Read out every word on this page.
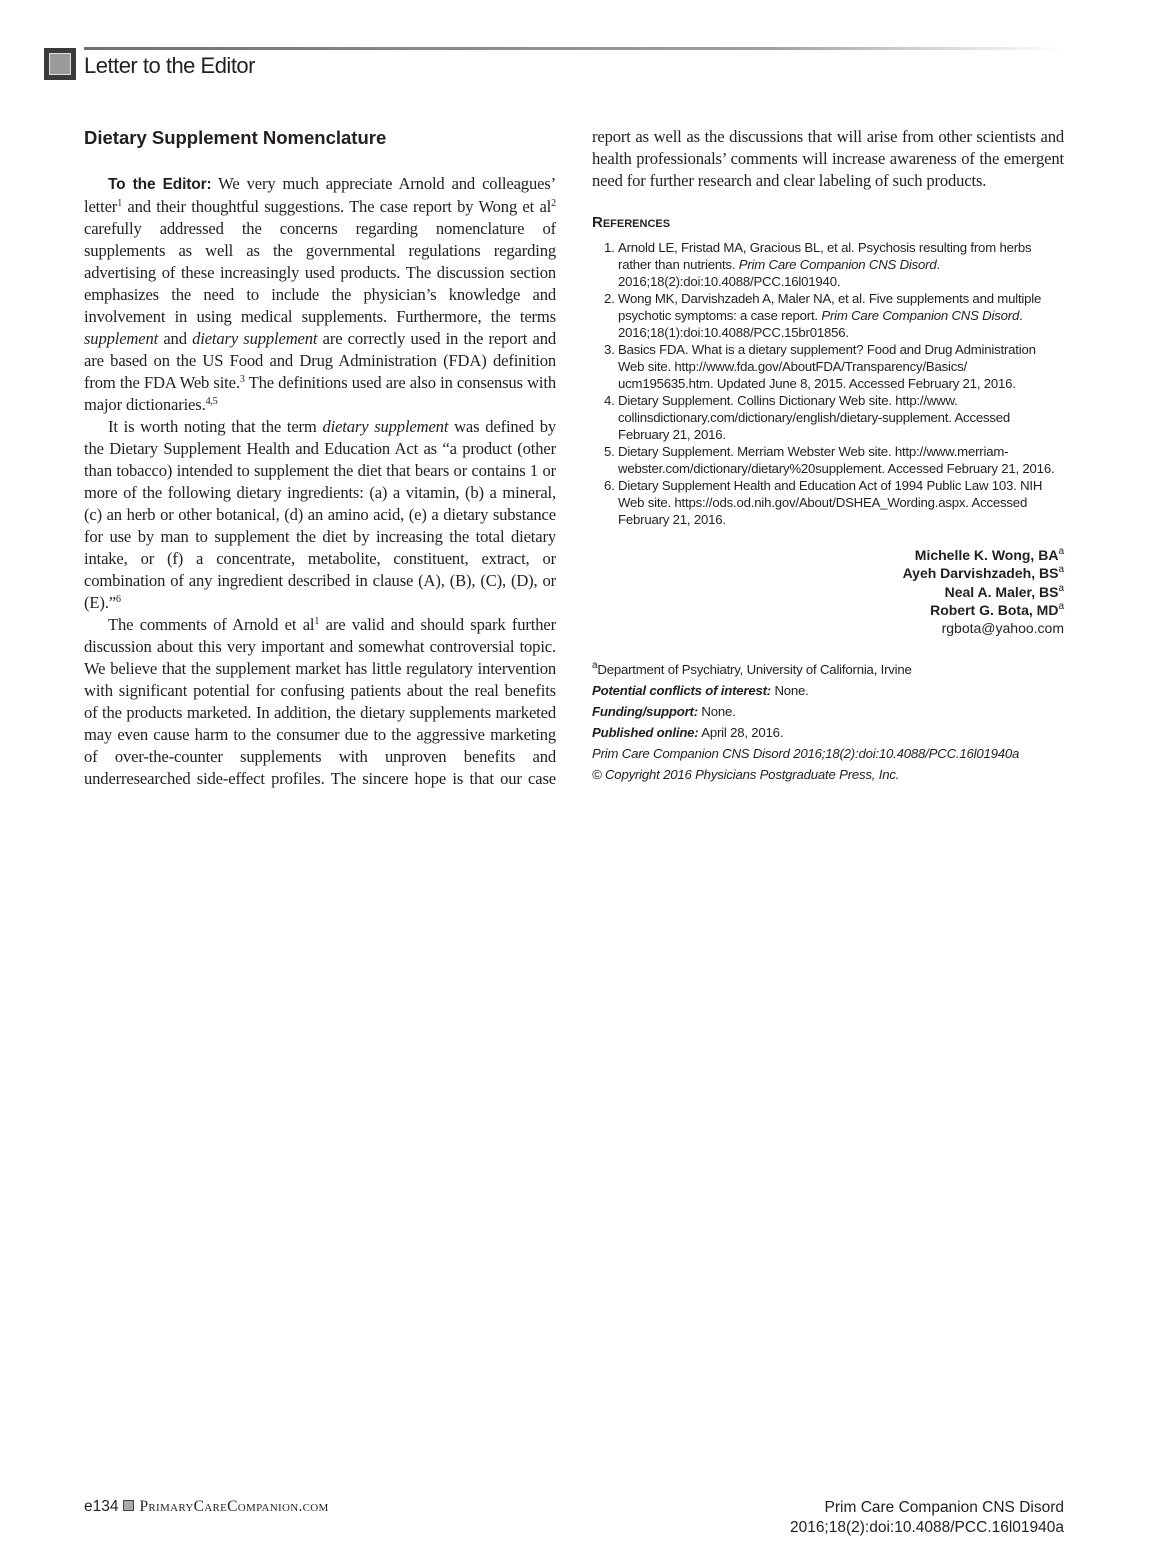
Letter to the Editor
Dietary Supplement Nomenclature

To the Editor: We very much appreciate Arnold and colleagues’ letter$^1$ and their thoughtful suggestions. The case report by Wong et $al^2$ carefully addressed the concerns regarding nomenclature of supplements as well as the governmental regulations regarding advertising of these increasingly used products. The discussion section emphasizes the need to include the physician’s knowledge and involvement in using medical supplements. Furthermore, the terms supplement and dietary supplement are correctly used in the report and are based on the US Food and Drug Administration (FDA) definition from the FDA Web site.$^3$ The definitions used are also in consensus with major dictionaries.$^{4,5}$

It is worth noting that the term dietary supplement was defined by the Dietary Supplement Health and Education Act as “a product (other than tobacco) intended to supplement the diet that bears or contains 1 or more of the following dietary ingredients: (a) a vitamin, (b) a mineral, (c) an herb or other botanical, (d) an amino acid, (e) a dietary substance for use by man to supplement the diet by increasing the total dietary intake, or (f) a concentrate, metabolite, constituent, extract, or combination of any ingredient described in clause (A), (B), (C), (D), or (E).”$^6$

The comments of Arnold et $al^1$ are valid and should spark further discussion about this very important and somewhat controversial topic. We believe that the supplement market has little regulatory intervention with significant potential for confusing patients about the real benefits of the products marketed. In addition, the dietary supplements marketed may even cause harm to the consumer due to the aggressive marketing of over-the-counter supplements with unproven benefits and underresearched side-effect profiles. The sincere hope is that our case

report as well as the discussions that will arise from other scientists and health professionals’ comments will increase awareness of the emergent need for further research and clear labeling of such products.

References
1. Arnold LE, Fristad MA, Gracious BL, et al. Psychosis resulting from herbs rather than nutrients. Prim Care Companion CNS Disord. 2016;18(2):doi:10.4088/PCC.16l01940.
2. Wong MK, Darvishzadeh A, Maler NA, et al. Five supplements and multiple psychotic symptoms: a case report. Prim Care Companion CNS Disord. 2016;18(1):doi:10.4088/PCC.15br01856.
3. Basics FDA. What is a dietary supplement? Food and Drug Administration Web site. http://www.fda.gov/AboutFDA/Transparency/Basics/ ucm195635.htm. Updated June 8, 2015. Accessed February 21, 2016.
4. Dietary Supplement. Collins Dictionary Web site. http://www. collinsdictionary.com/dictionary/english/dietary-supplement. Accessed February 21, 2016.
5. Dietary Supplement. Merriam Webster Web site. http://www.merriam-webster.com/dictionary/dietary%20supplement. Accessed February 21, 2016.
6. Dietary Supplement Health and Education Act of 1994 Public Law 103. NIH Web site. https://ods.od.nih.gov/About/DSHEA_Wording.aspx. Accessed February 21, 2016.
Michelle K. Wong, $BA^a$
Ayeh Darvishzadeh, $BS^a$
Neal A. Maler, $BS^a$
Robert G. Bota, $MD^a$
rgbota@yahoo.com
$^a$Department of Psychiatry, University of California, Irvine
Potential conflicts of interest: None.
Funding/support: None.
Published online: April 28, 2016.
Prim Care Companion CNS Disord 2016;18(2):doi:10.4088/PCC.16l01940a
© Copyright 2016 Physicians Postgraduate Press, Inc.
e134 PrimaryCareCompanion.com	Prim Care Companion CNS Disord
2016;18(2):doi:10.4088/PCC.16l01940a
